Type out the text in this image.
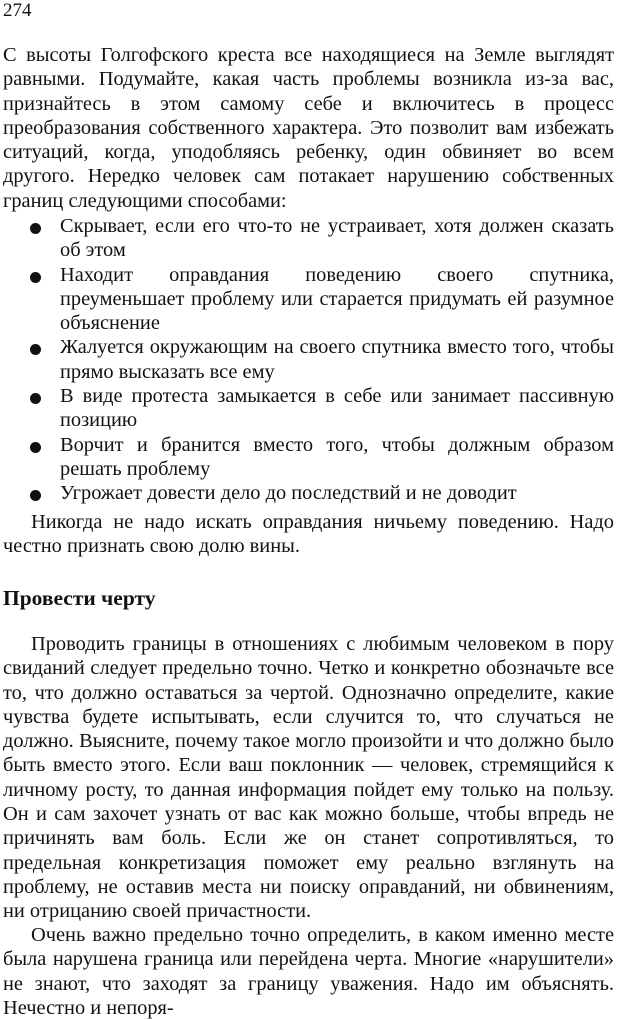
274

С высоты Голгофского креста все находящиеся на Земле выглядят равными. Подумайте, какая часть проблемы возникла из-за вас, признайтесь в этом самому себе и включитесь в процесс преобразования собственного характера. Это позволит вам избежать ситуаций, когда, уподобляясь ребенку, один обвиняет во всем другого. Нередко человек сам потакает нарушению собственных границ следующими способами:

Скрывает, если его что-то не устраивает, хотя должен сказать об этом
Находит оправдания поведению своего спутника, преуменьшает проблему или старается придумать ей разумное объяснение
Жалуется окружающим на своего спутника вместо того, чтобы прямо высказать все ему
В виде протеста замыкается в себе или занимает пассивную позицию
Ворчит и бранится вместо того, чтобы должным образом решать проблему
Угрожает довести дело до последствий и не доводит

Никогда не надо искать оправдания ничьему поведению. Надо честно признать свою долю вины.

Провести черту

Проводить границы в отношениях с любимым человеком в пору свиданий следует предельно точно. Четко и конкретно обозначьте все то, что должно оставаться за чертой. Однозначно определите, какие чувства будете испытывать, если случится то, что случаться не должно. Выясните, почему такое могло произойти и что должно было быть вместо этого. Если ваш поклонник — человек, стремящийся к личному росту, то данная информация пойдет ему только на пользу. Он и сам захочет узнать от вас как можно больше, чтобы впредь не причинять вам боль. Если же он станет сопротивляться, то предельная конкретизация поможет ему реально взглянуть на проблему, не оставив места ни поиску оправданий, ни обвинениям, ни отрицанию своей причастности.

Очень важно предельно точно определить, в каком именно месте была нарушена граница или перейдена черта. Многие «нарушители» не знают, что заходят за границу уважения. Надо им объяснять. Нечестно и непоря-
